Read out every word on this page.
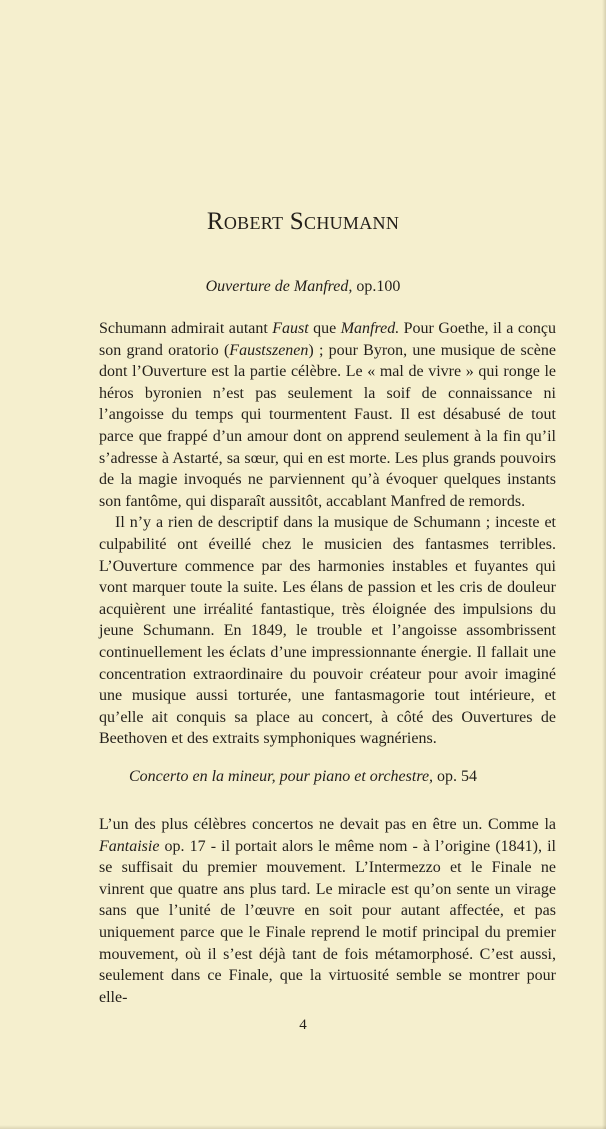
Robert Schumann

Ouverture de Manfred, op.100

Schumann admirait autant Faust que Manfred. Pour Goethe, il a conçu son grand oratorio (Faustszenen) ; pour Byron, une musique de scène dont l’Ouverture est la partie célèbre. Le « mal de vivre » qui ronge le héros byronien n’est pas seulement la soif de connaissance ni l’angoisse du temps qui tourmentent Faust. Il est désabusé de tout parce que frappé d’un amour dont on apprend seulement à la fin qu’il s’adresse à Astarté, sa sœur, qui en est morte. Les plus grands pouvoirs de la magie invoqués ne parviennent qu’à évoquer quelques instants son fantôme, qui disparaît aussitôt, accablant Manfred de remords.

Il n’y a rien de descriptif dans la musique de Schumann ; inceste et culpabilité ont éveillé chez le musicien des fantasmes terribles. L’Ouverture commence par des harmonies instables et fuyantes qui vont marquer toute la suite. Les élans de passion et les cris de douleur acquièrent une irréalité fantastique, très éloignée des impulsions du jeune Schumann. En 1849, le trouble et l’angoisse assombrissent continuellement les éclats d’une impressionnante énergie. Il fallait une concentration extraordinaire du pouvoir créateur pour avoir imaginé une musique aussi torturée, une fantasmagorie tout intérieure, et qu’elle ait conquis sa place au concert, à côté des Ouvertures de Beethoven et des extraits symphoniques wagnériens.

Concerto en la mineur, pour piano et orchestre, op. 54

L’un des plus célèbres concertos ne devait pas en être un. Comme la Fantaisie op. 17 - il portait alors le même nom - à l’origine (1841), il se suffisait du premier mouvement. L’Intermezzo et le Finale ne vinrent que quatre ans plus tard. Le miracle est qu’on sente un virage sans que l’unité de l’œuvre en soit pour autant affectée, et pas uniquement parce que le Finale reprend le motif principal du premier mouvement, où il s’est déjà tant de fois métamorphosé. C’est aussi, seulement dans ce Finale, que la virtuosité semble se montrer pour elle-

4
